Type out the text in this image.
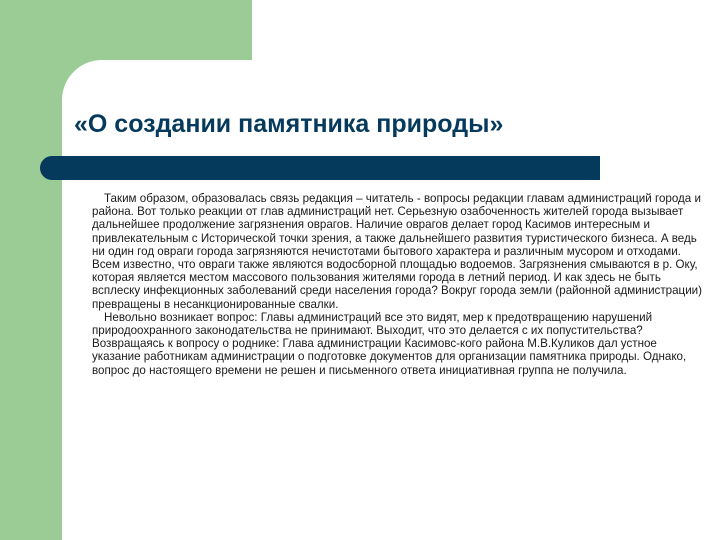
«О создании памятника природы»

Таким образом, образовалась связь редакция – читатель - вопросы редакции главам администраций города и района. Вот только реакции от глав администраций нет. Серьезную озабоченность жителей города вызывает дальнейшее продолжение загрязнения оврагов. Наличие оврагов делает город Касимов интересным и привлекательным с Исторической точки зрения, а также дальнейшего развития туристического бизнеса. А ведь ни один год овраги города загрязняются нечистотами бытового характера и различным мусором и отходами. Всем известно, что овраги также являются водосборной площадью водоемов. Загрязнения смываются в р. Оку, которая является местом массового пользования жителями города в летний период. И как здесь не быть всплеску инфекционных заболеваний среди населения города? Вокруг города земли (районной администрации) превращены в несанкционированные свалки.

Невольно возникает вопрос: Главы администраций все это видят, мер к предотвращению нарушений природоохранного законодательства не принимают. Выходит, что это делается с их попустительства? Возвращаясь к вопросу о роднике: Глава администрации Касимовс-кого района М.В.Куликов дал устное указание работникам администрации о подготовке документов для организации памятника природы. Однако, вопрос до настоящего времени не решен и письменного ответа инициативная группа не получила.
